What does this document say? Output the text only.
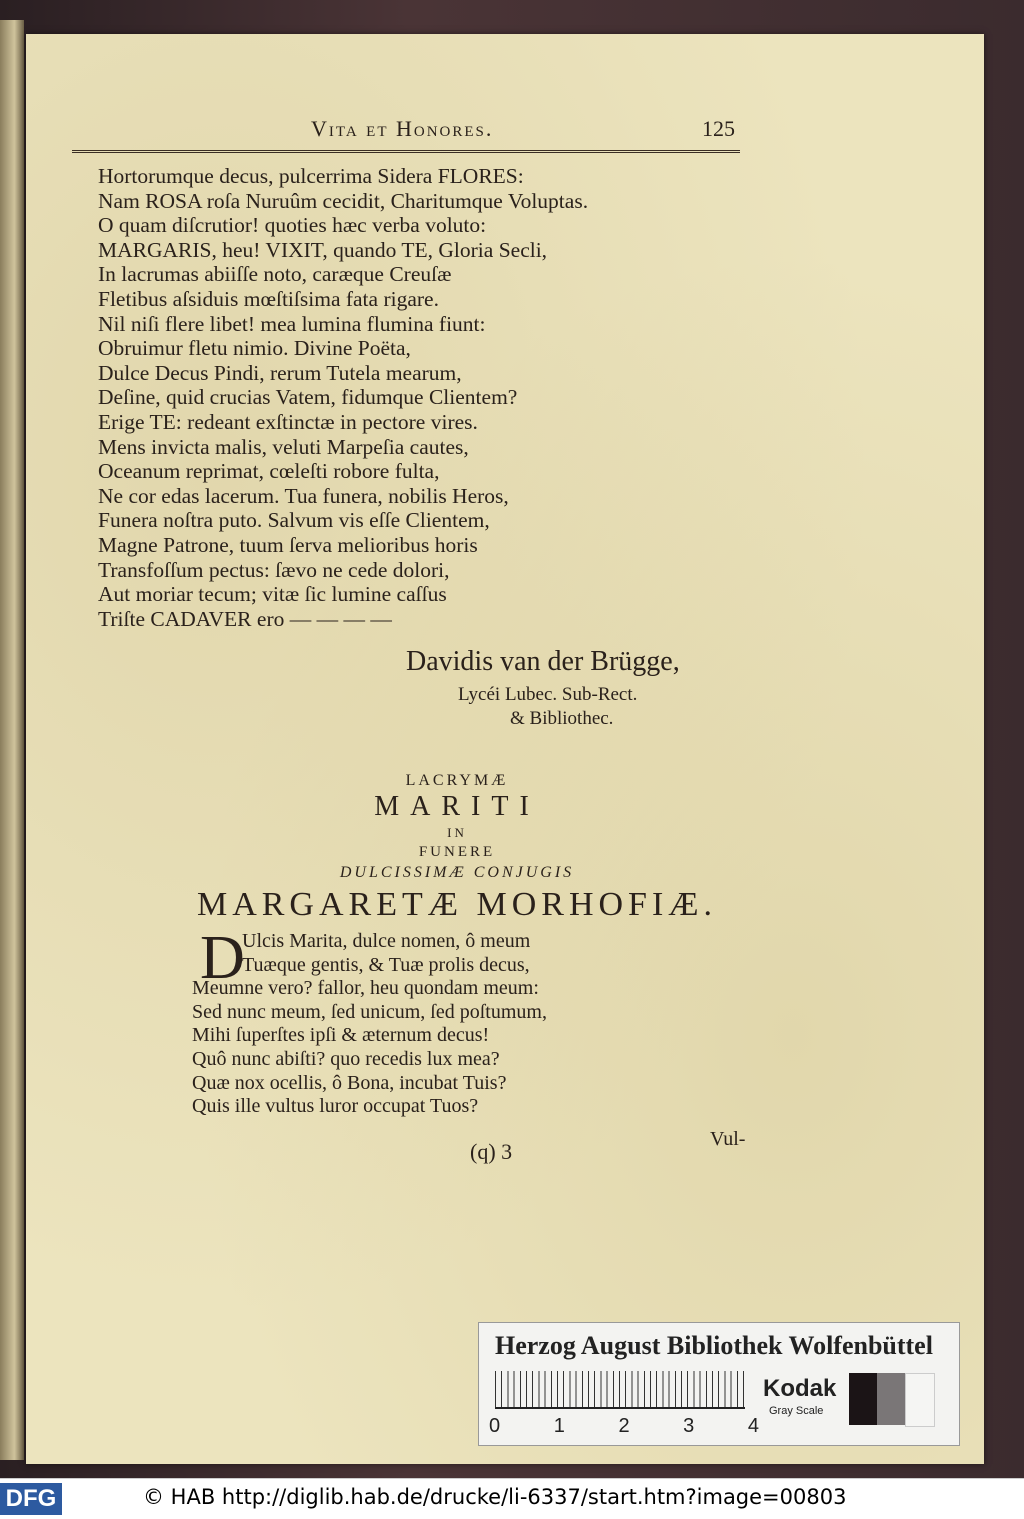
Vita et Honores.	125
Hortorumque decus, pulcerrima Sidera FLORES:
Nam ROSA roſa Nuruûm cecidit, Charitumque Voluptas.
O quam diſcrutior! quoties hæc verba voluto:
MARGARIS, heu! VIXIT, quando TE, Gloria Secli,
In lacrumas abiiſſe noto, caræque Creuſæ
Fletibus aſsiduis mœſtiſsima fata rigare.
Nil niſi flere libet! mea lumina flumina fiunt:
Obruimur fletu nimio. Divine Poëta,
Dulce Decus Pindi, rerum Tutela mearum,
Deſine, quid crucias Vatem, fidumque Clientem?
Erige TE: redeant exſtinctæ in pectore vires.
Mens invicta malis, veluti Marpeſia cautes,
Oceanum reprimat, cœleſti robore fulta,
Ne cor edas lacerum. Tua funera, nobilis Heros,
Funera noſtra puto. Salvum vis eſſe Clientem,
Magne Patrone, tuum ſerva melioribus horis
Transfoſſum pectus: ſævo ne cede dolori,
Aut moriar tecum; vitæ ſic lumine caſſus
Triſte CADAVER ero — — — —
Davidis van der Brügge,
Lycéi Lubec. Sub-Rect.
& Bibliothec.
LACRYMÆ
MARITI
IN
FUNERE
DULCISSIMÆ CONJUGIS
MARGARETÆ MORHOFIÆ.
D
Ulcis Marita, dulce nomen, ô meum
Tuæque gentis, & Tuæ prolis decus,
Meumne vero? fallor, heu quondam meum:
Sed nunc meum, ſed unicum, ſed poſtumum,
Mihi ſuperſtes ipſi & æternum decus!
Quô nunc abiſti? quo recedis lux mea?
Quæ nox ocellis, ô Bona, incubat Tuis?
Quis ille vultus luror occupat Tuos?
(q) 3	Vul-
Herzog August Bibliothek Wolfenbüttel
0	1	2	3	4
Kodak
Gray Scale
DFG	© HAB http://diglib.hab.de/drucke/li-6337/start.htm?image=00803
